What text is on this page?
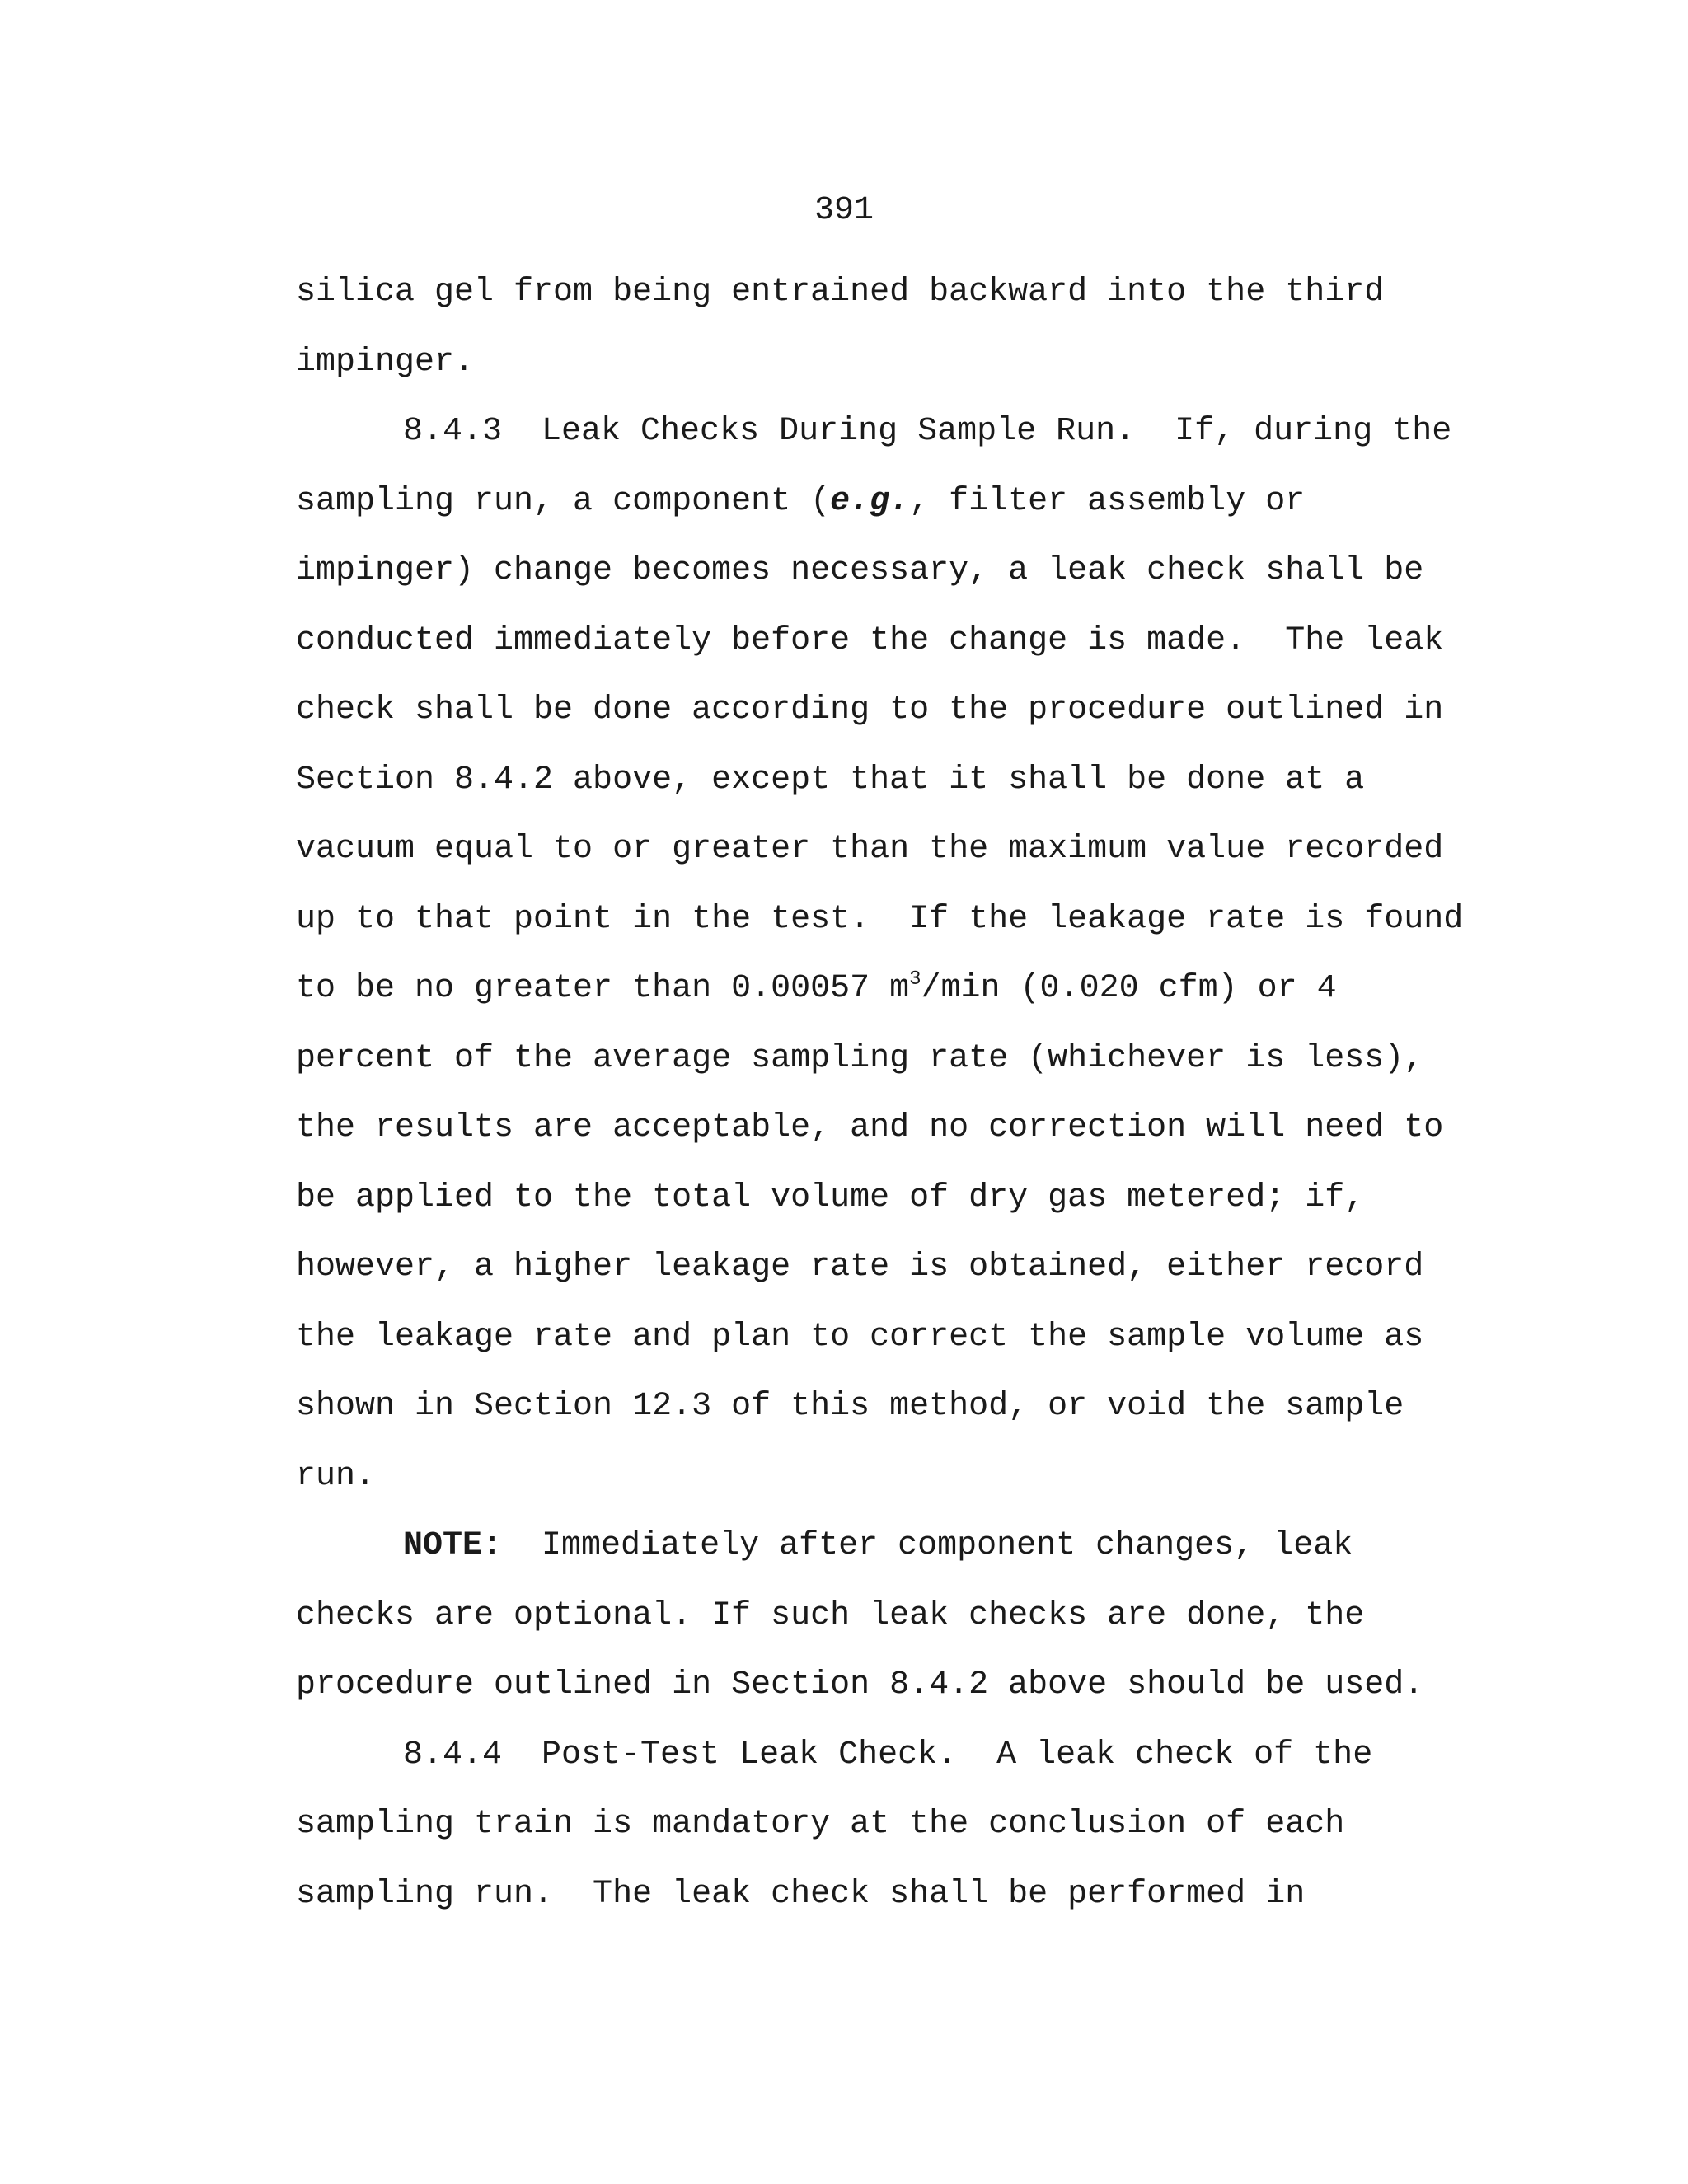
391
silica gel from being entrained backward into the third
impinger.
8.4.3  Leak Checks During Sample Run.  If, during the
sampling run, a component (e.g., filter assembly or
impinger) change becomes necessary, a leak check shall be
conducted immediately before the change is made.  The leak
check shall be done according to the procedure outlined in
Section 8.4.2 above, except that it shall be done at a
vacuum equal to or greater than the maximum value recorded
up to that point in the test.  If the leakage rate is found
to be no greater than 0.00057 $m^3/\min$ (0.020 cfm) or 4
percent of the average sampling rate (whichever is less),
the results are acceptable, and no correction will need to
be applied to the total volume of dry gas metered; if,
however, a higher leakage rate is obtained, either record
the leakage rate and plan to correct the sample volume as
shown in Section 12.3 of this method, or void the sample
run.
NOTE:  Immediately after component changes, leak
checks are optional. If such leak checks are done, the
procedure outlined in Section 8.4.2 above should be used.
8.4.4  Post-Test Leak Check.  A leak check of the
sampling train is mandatory at the conclusion of each
sampling run.  The leak check shall be performed in
